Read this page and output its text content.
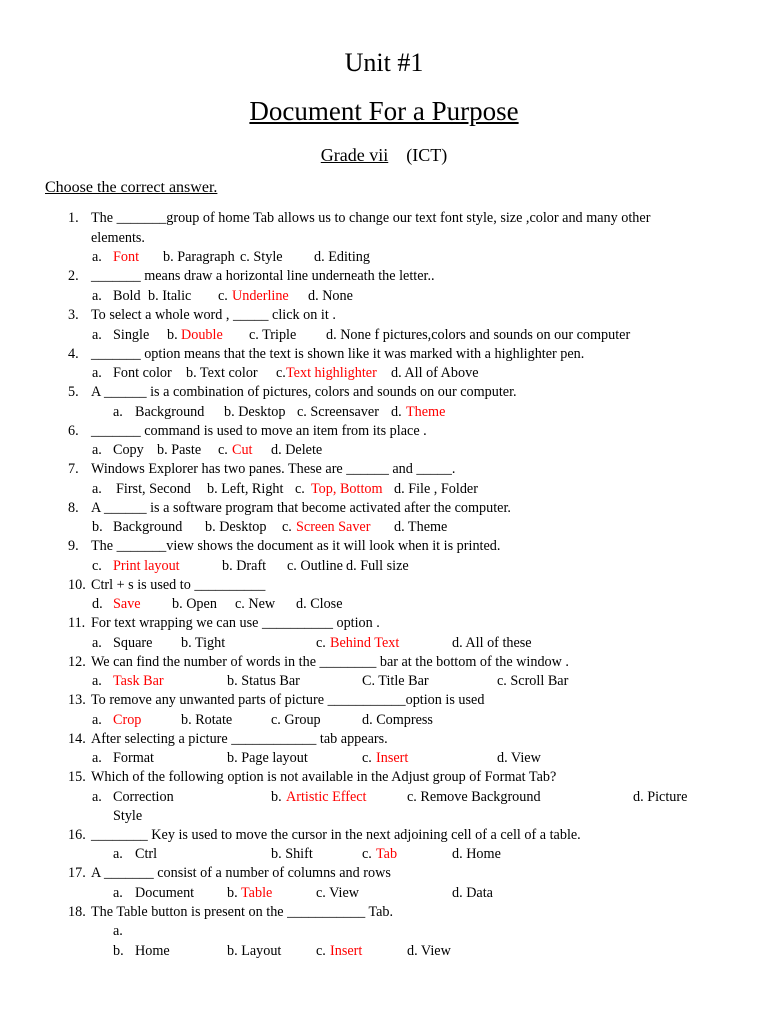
Unit #1
Document For a Purpose
Grade vii (ICT)
Choose the correct answer.
1. The _______group of home Tab allows us to change our text font style, size ,color and many other
elements.
a. Font b. Paragraph c. Style d. Editing
2. _______ means draw a horizontal line underneath the letter..
a. Bold b. Italic c. Underline d. None
3. To select a whole word , _____ click on it .
a. Single b. Double c. Triple d. None f pictures,colors and sounds on our computer
4. _______ option means that the text is shown like it was marked with a highlighter pen.
a. Font color b. Text color c. Text highlighter d. All of Above
5. A ______ is a combination of pictures, colors and sounds on our computer.
a. Background b. Desktop c. Screensaver d. Theme
6. _______ command is used to move an item from its place .
a. Copy b. Paste c. Cut d. Delete
7. Windows Explorer has two panes. These are ______ and _____.
a. First, Second b. Left, Right c. Top, Bottom d. File , Folder
8. A ______ is a software program that become activated after the computer.
b. Background b. Desktop c. Screen Saver d. Theme
9. The _______view shows the document as it will look when it is printed.
c. Print layout	b. Draft c. Outline d. Full size
10. Ctrl + s is used to __________
d. Save b. Open c. New d. Close
11. For text wrapping we can use __________ option .
a. Square b. Tight	c. Behind Text	d. All of these
12. We can find the number of words in the ________ bar at the bottom of the window .
a. Task Bar	b. Status Bar	C. Title Bar	c. Scroll Bar
13. To remove any unwanted parts of picture ___________option is used
a. Crop	b. Rotate	c. Group	d. Compress
14. After selecting a picture ____________ tab appears.
a. Format	b. Page layout	c. Insert	d. View
15. Which of the following option is not available in the Adjust group of Format Tab?
a. Correction	b. Artistic Effect	c. Remove Background	d. Picture
Style
16. ________ Key is used to move the cursor in the next adjoining cell of a cell of a table.
a. Ctrl	b. Shift	c. Tab	d. Home
17. A _______ consist of a number of columns and rows
a. Document b. Table	c. View	d. Data
18. The Table button is present on the ___________ Tab.
a.
b. Home	b. Layout c. Insert	d. View
